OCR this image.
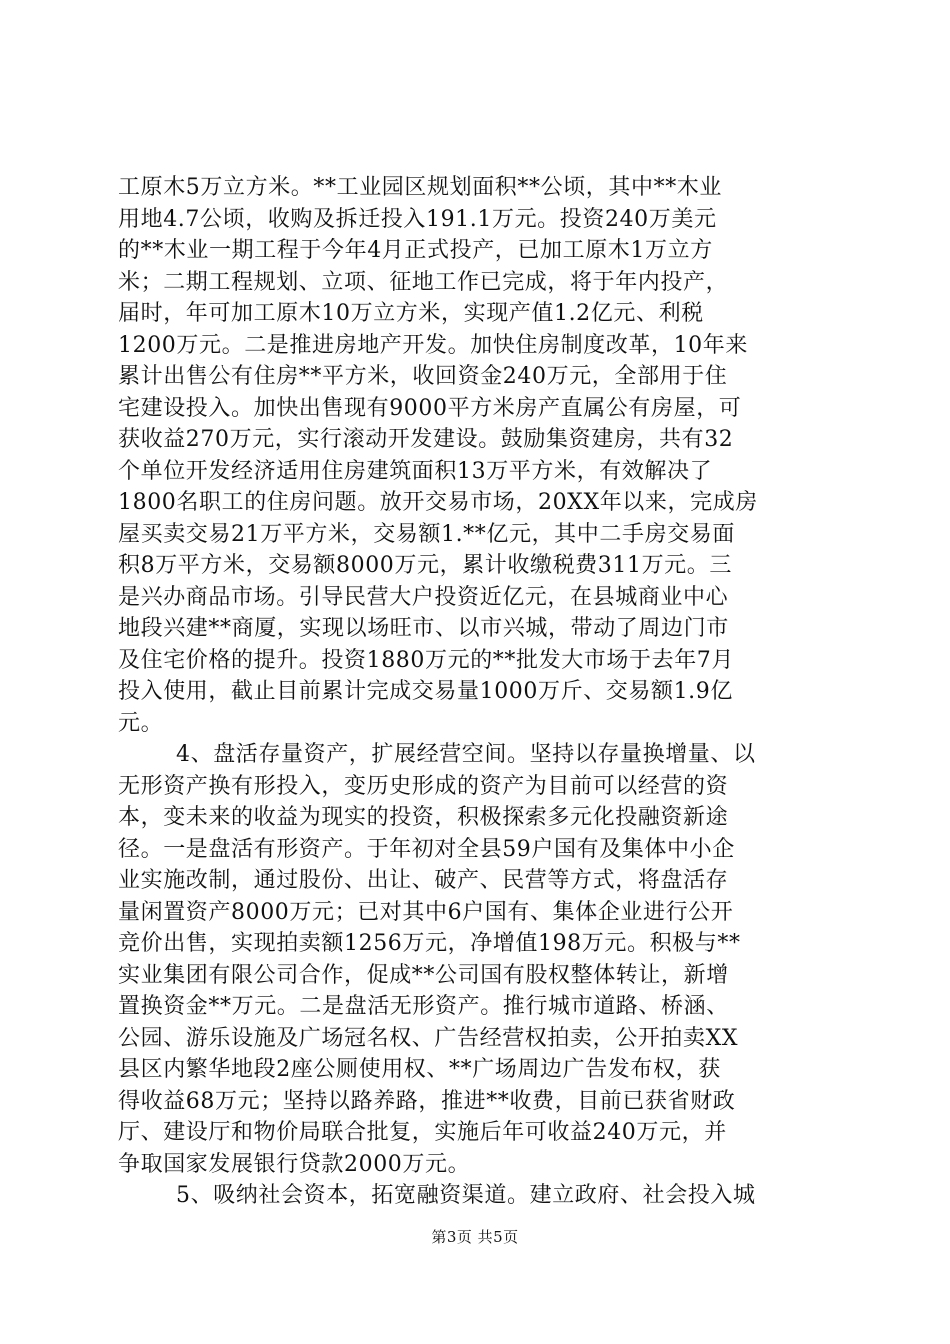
工原木5万立方米。**工业园区规划面积**公顷，其中**木业
用地4.7公顷，收购及拆迁投入191.1万元。投资240万美元
的**木业一期工程于今年4月正式投产，已加工原木1万立方
米；二期工程规划、立项、征地工作已完成，将于年内投产，
届时，年可加工原木10万立方米，实现产值1.2亿元、利税
1200万元。二是推进房地产开发。加快住房制度改革，10年来
累计出售公有住房**平方米，收回资金240万元，全部用于住
宅建设投入。加快出售现有9000平方米房产直属公有房屋，可
获收益270万元，实行滚动开发建设。鼓励集资建房，共有32
个单位开发经济适用住房建筑面积13万平方米，有效解决了
1800名职工的住房问题。放开交易市场，20XX年以来，完成房
屋买卖交易21万平方米，交易额1.**亿元，其中二手房交易面
积8万平方米，交易额8000万元，累计收缴税费311万元。三
是兴办商品市场。引导民营大户投资近亿元，在县城商业中心
地段兴建**商厦，实现以场旺市、以市兴城，带动了周边门市
及住宅价格的提升。投资1880万元的**批发大市场于去年7月
投入使用，截止目前累计完成交易量1000万斤、交易额1.9亿
元。
4、盘活存量资产，扩展经营空间。坚持以存量换增量、以
无形资产换有形投入，变历史形成的资产为目前可以经营的资
本，变未来的收益为现实的投资，积极探索多元化投融资新途
径。一是盘活有形资产。于年初对全县59户国有及集体中小企
业实施改制，通过股份、出让、破产、民营等方式，将盘活存
量闲置资产8000万元；已对其中6户国有、集体企业进行公开
竞价出售，实现拍卖额1256万元，净增值198万元。积极与**
实业集团有限公司合作，促成**公司国有股权整体转让，新增
置换资金**万元。二是盘活无形资产。推行城市道路、桥涵、
公园、游乐设施及广场冠名权、广告经营权拍卖，公开拍卖XX
县区内繁华地段2座公厕使用权、**广场周边广告发布权，获
得收益68万元；坚持以路养路，推进**收费，目前已获省财政
厅、建设厅和物价局联合批复，实施后年可收益240万元，并
争取国家发展银行贷款2000万元。
5、吸纳社会资本，拓宽融资渠道。建立政府、社会投入城
第3页 共5页
